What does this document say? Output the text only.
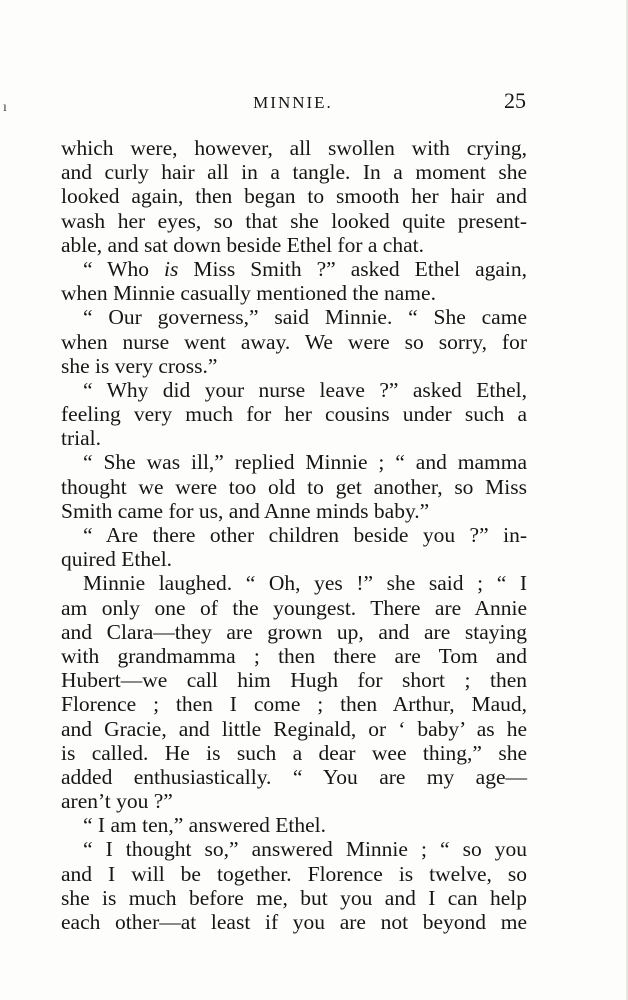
ı	MINNIE.	25
which were, however, all swollen with crying,
and curly hair all in a tangle. In a moment she
looked again, then began to smooth her hair and
wash her eyes, so that she looked quite present-
able, and sat down beside Ethel for a chat.
“ Who is Miss Smith ?” asked Ethel again,
when Minnie casually mentioned the name.
“ Our governess,” said Minnie. “ She came
when nurse went away. We were so sorry, for
she is very cross.”
“ Why did your nurse leave ?” asked Ethel,
feeling very much for her cousins under such a
trial.
“ She was ill,” replied Minnie ; “ and mamma
thought we were too old to get another, so Miss
Smith came for us, and Anne minds baby.”
“ Are there other children beside you ?” in-
quired Ethel.
Minnie laughed. “ Oh, yes !” she said ; “ I
am only one of the youngest. There are Annie
and Clara—they are grown up, and are staying
with grandmamma ; then there are Tom and
Hubert—we call him Hugh for short ; then
Florence ; then I come ; then Arthur, Maud,
and Gracie, and little Reginald, or ‘ baby’ as he
is called. He is such a dear wee thing,” she
added enthusiastically. “ You are my age—
aren’t you ?”
“ I am ten,” answered Ethel.
“ I thought so,” answered Minnie ; “ so you
and I will be together. Florence is twelve, so
she is much before me, but you and I can help
each other—at least if you are not beyond me
